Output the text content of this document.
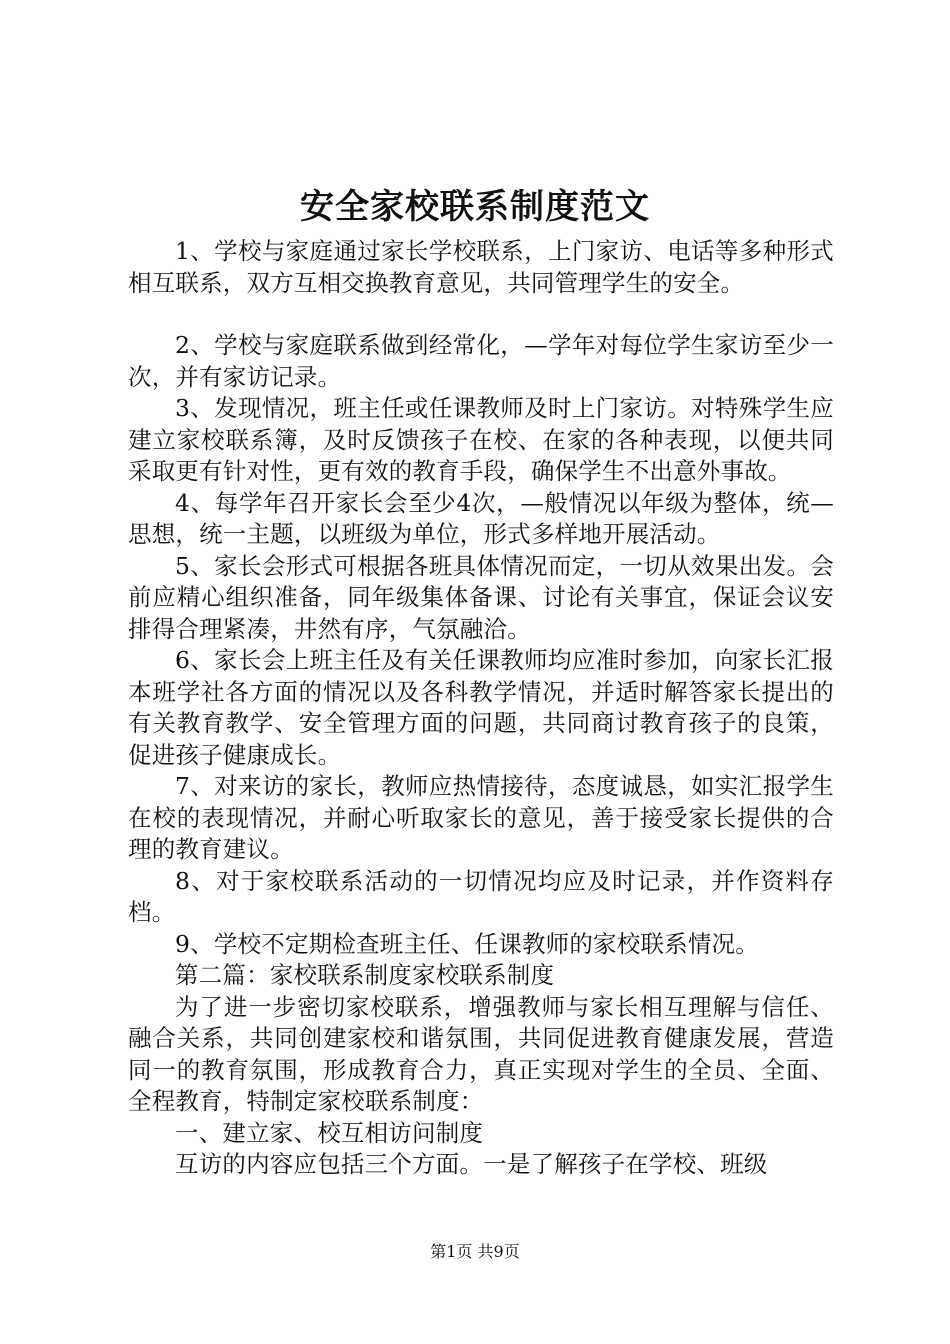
安全家校联系制度范文

1、学校与家庭通过家长学校联系，上门家访、电话等多种形式相互联系，双方互相交换教育意见，共同管理学生的安全。

2、学校与家庭联系做到经常化，—学年对每位学生家访至少一次，并有家访记录。

3、发现情况，班主任或任课教师及时上门家访。对特殊学生应建立家校联系簿，及时反馈孩子在校、在家的各种表现，以便共同采取更有针对性，更有效的教育手段，确保学生不出意外事故。

4、每学年召开家长会至少4次，—般情况以年级为整体，统—思想，统一主题，以班级为单位，形式多样地开展活动。

5、家长会形式可根据各班具体情况而定，一切从效果出发。会前应精心组织准备，同年级集体备课、讨论有关事宜，保证会议安排得合理紧凑，井然有序，气氛融洽。

6、家长会上班主任及有关任课教师均应准时参加，向家长汇报本班学社各方面的情况以及各科教学情况，并适时解答家长提出的有关教育教学、安全管理方面的问题，共同商讨教育孩子的良策，促进孩子健康成长。

7、对来访的家长，教师应热情接待，态度诚恳，如实汇报学生在校的表现情况，并耐心听取家长的意见，善于接受家长提供的合理的教育建议。

8、对于家校联系活动的一切情况均应及时记录，并作资料存档。

9、学校不定期检查班主任、任课教师的家校联系情况。

第二篇：家校联系制度家校联系制度

为了进一步密切家校联系，增强教师与家长相互理解与信任、融合关系，共同创建家校和谐氛围，共同促进教育健康发展，营造同一的教育氛围，形成教育合力，真正实现对学生的全员、全面、全程教育，特制定家校联系制度：

一、建立家、校互相访问制度

互访的内容应包括三个方面。一是了解孩子在学校、班级

第1页 共9页
